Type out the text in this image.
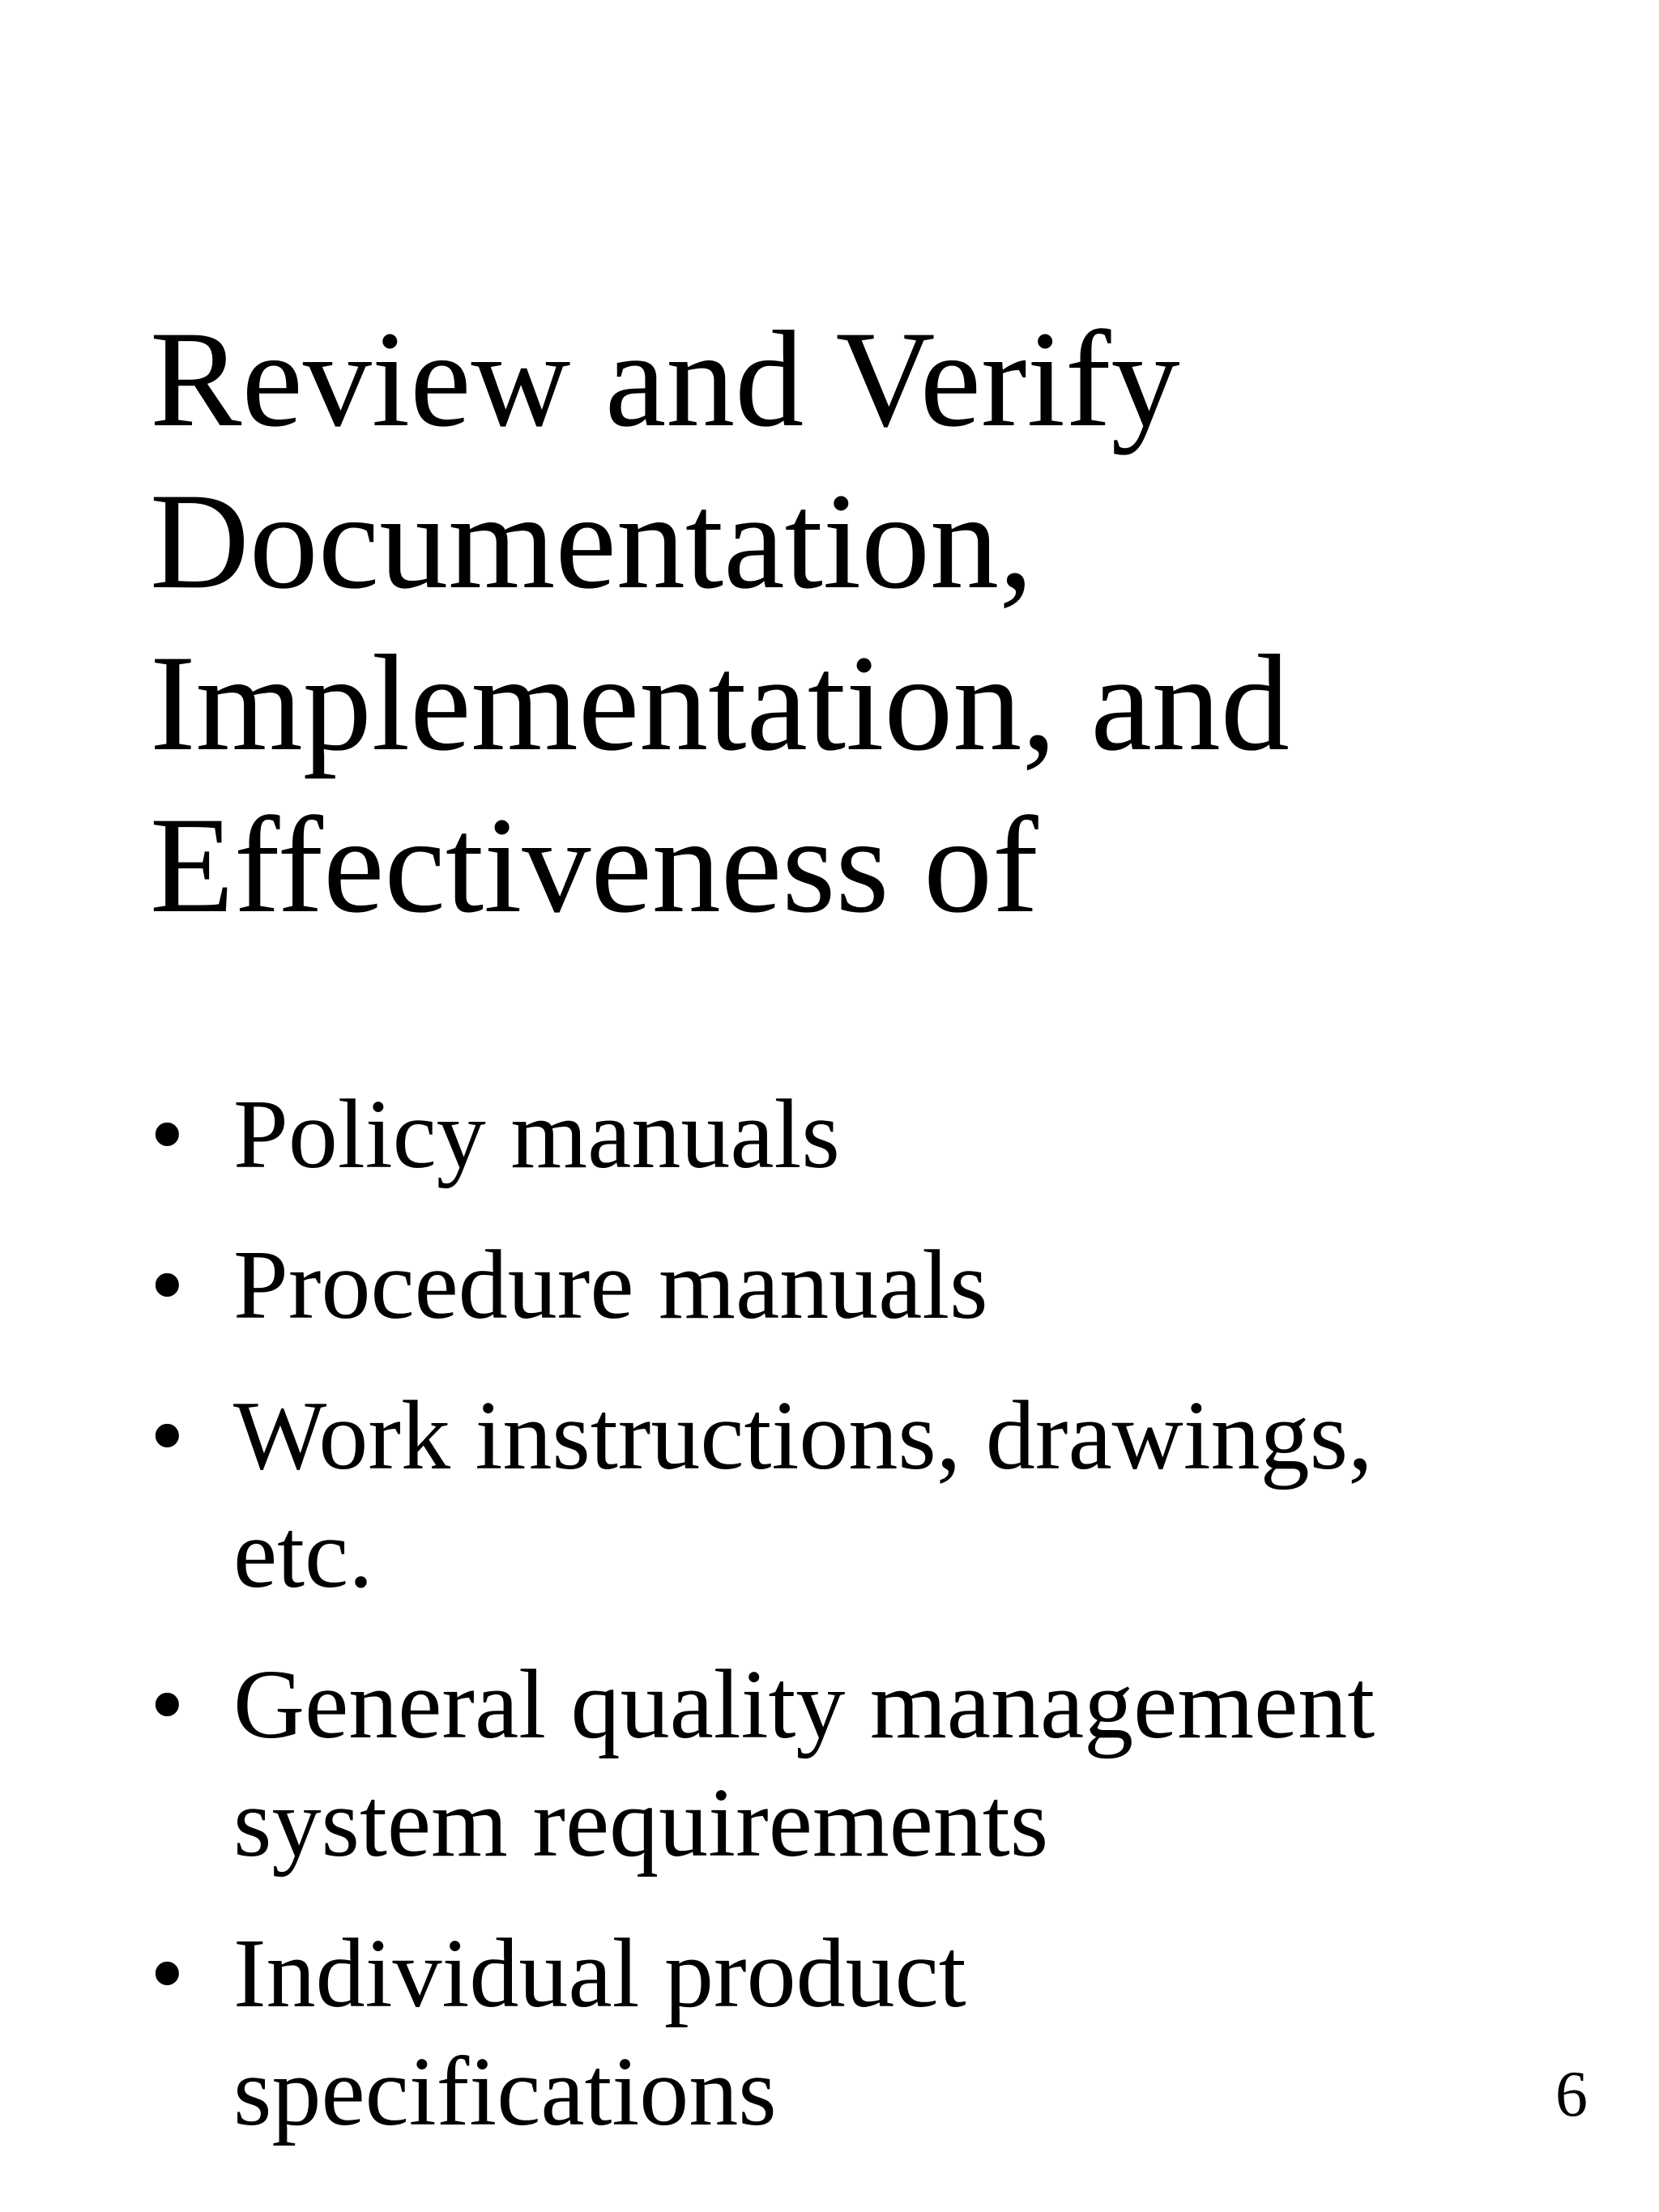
Review and Verify
Documentation,
Implementation, and
Effectiveness of
• Policy manuals
• Procedure manuals
• Work instructions, drawings,
etc.
• General quality management
system requirements
• Individual product
specifications	6
